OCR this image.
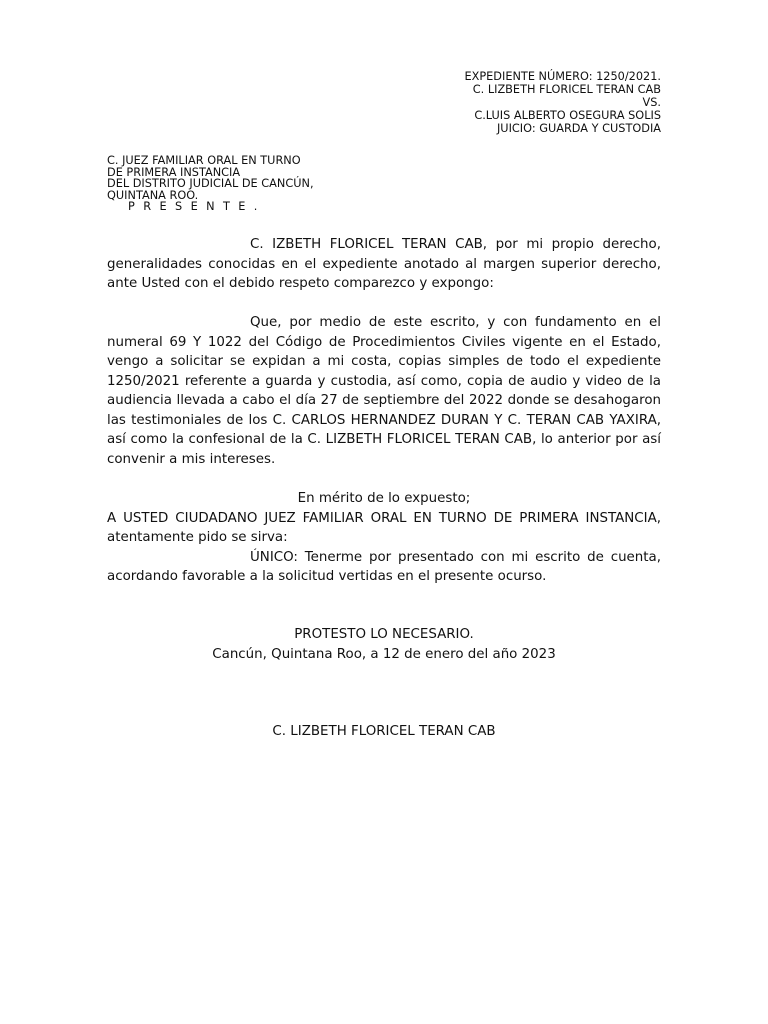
EXPEDIENTE NÚMERO: 1250/2021.
C. LIZBETH FLORICEL TERAN CAB
VS.
C.LUIS ALBERTO OSEGURA SOLIS
JUICIO: GUARDA Y CUSTODIA
C. JUEZ FAMILIAR ORAL EN TURNO
DE PRIMERA INSTANCIA
DEL DISTRITO JUDICIAL DE CANCÚN,
QUINTANA ROO.
PRESENTE.
C. IZBETH FLORICEL TERAN CAB, por mi propio derecho, generalidades conocidas en el expediente anotado al margen superior derecho, ante Usted con el debido respeto comparezco y expongo:
Que, por medio de este escrito, y con fundamento en el numeral 69 Y 1022 del Código de Procedimientos Civiles vigente en el Estado, vengo a solicitar se expidan a mi costa, copias simples de todo el expediente 1250/2021 referente a guarda y custodia, así como, copia de audio y video de la audiencia llevada a cabo el día 27 de septiembre del 2022 donde se desahogaron las testimoniales de los C. CARLOS HERNANDEZ DURAN Y C. TERAN CAB YAXIRA, así como la confesional de la C. LIZBETH FLORICEL TERAN CAB, lo anterior por así convenir a mis intereses.
En mérito de lo expuesto;
A USTED CIUDADANO JUEZ FAMILIAR ORAL EN TURNO DE PRIMERA INSTANCIA, atentamente pido se sirva:
ÚNICO: Tenerme por presentado con mi escrito de cuenta, acordando favorable a la solicitud vertidas en el presente ocurso.
PROTESTO LO NECESARIO.
Cancún, Quintana Roo, a 12 de enero del año 2023
C. LIZBETH FLORICEL TERAN CAB
